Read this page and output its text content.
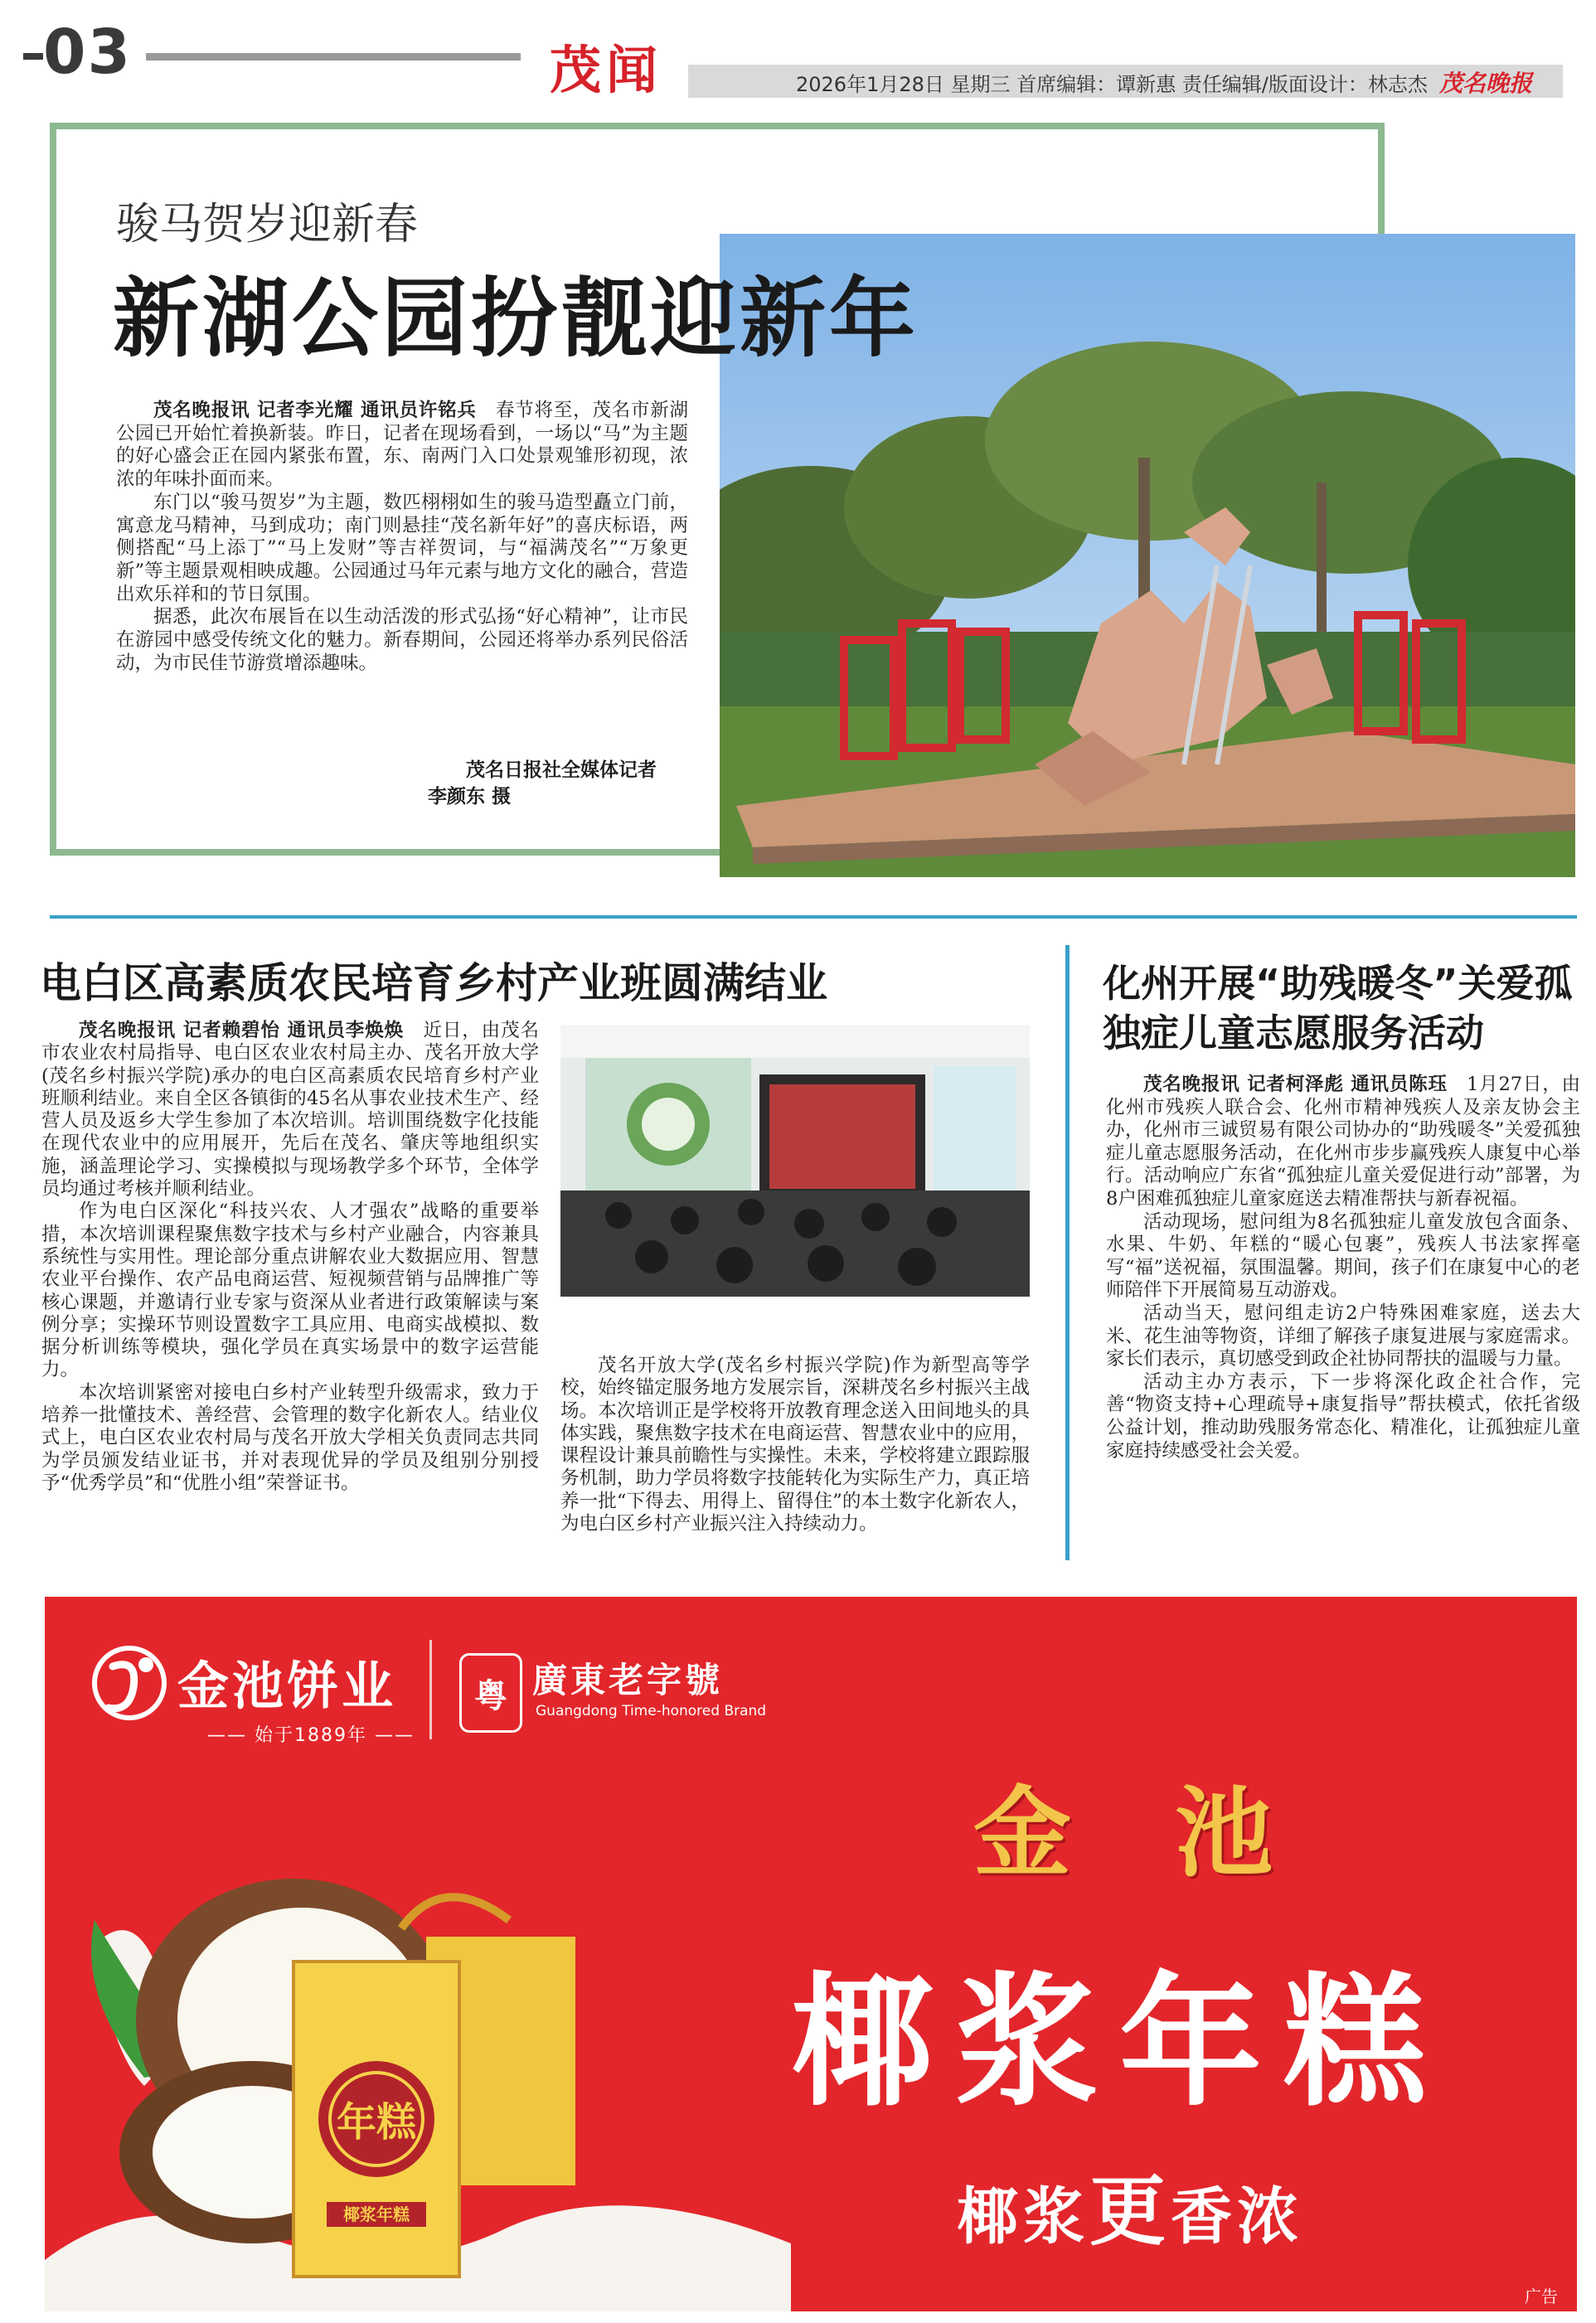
03	茂闻	2026年1月28日 星期三 首席编辑：谭新惠 责任编辑/版面设计：林志杰 茂名晚报
骏马贺岁迎新春
新湖公园扮靓迎新年

茂名晚报讯 记者李光耀 通讯员许铭兵　 春节将至，茂名市新湖公园已开始忙着换新装。昨日，记者在现场看到，一场以“马”为主题的好心盛会正在园内紧张布置，东、南两门入口处景观雏形初现，浓浓的年味扑面而来。

东门以“骏马贺岁”为主题，数匹栩栩如生的骏马造型矗立门前，寓意龙马精神，马到成功；南门则悬挂“茂名新年好”的喜庆标语，两侧搭配“马上添丁”“马上发财”等吉祥贺词，与“福满茂名”“万象更新”等主题景观相映成趣。公园通过马年元素与地方文化的融合，营造出欢乐祥和的节日氛围。

据悉，此次布展旨在以生动活泼的形式弘扬“好心精神”，让市民在游园中感受传统文化的魅力。新春期间，公园还将举办系列民俗活动，为市民佳节游赏增添趣味。

茂名日报社全媒体记者
李颜东 摄
电白区高素质农民培育乡村产业班圆满结业

茂名晚报讯 记者赖碧怡 通讯员李焕焕　 近日，由茂名市农业农村局指导、电白区农业农村局主办、茂名开放大学(茂名乡村振兴学院)承办的电白区高素质农民培育乡村产业班顺利结业。来自全区各镇街的45名从事农业技术生产、经营人员及返乡大学生参加了本次培训。培训围绕数字化技能在现代农业中的应用展开，先后在茂名、肇庆等地组织实施，涵盖理论学习、实操模拟与现场教学多个环节，全体学员均通过考核并顺利结业。

作为电白区深化“科技兴农、人才强农”战略的重要举措，本次培训课程聚焦数字技术与乡村产业融合，内容兼具系统性与实用性。理论部分重点讲解农业大数据应用、智慧农业平台操作、农产品电商运营、短视频营销与品牌推广等核心课题，并邀请行业专家与资深从业者进行政策解读与案例分享；实操环节则设置数字工具应用、电商实战模拟、数据分析训练等模块，强化学员在真实场景中的数字运营能力。

本次培训紧密对接电白乡村产业转型升级需求，致力于培养一批懂技术、善经营、会管理的数字化新农人。结业仪式上，电白区农业农村局与茂名开放大学相关负责同志共同为学员颁发结业证书，并对表现优异的学员及组别分别授予“优秀学员”和“优胜小组”荣誉证书。

茂名开放大学(茂名乡村振兴学院)作为新型高等学校，始终锚定服务地方发展宗旨，深耕茂名乡村振兴主战场。本次培训正是学校将开放教育理念送入田间地头的具体实践，聚焦数字技术在电商运营、智慧农业中的应用，课程设计兼具前瞻性与实操性。未来，学校将建立跟踪服务机制，助力学员将数字技能转化为实际生产力，真正培养一批“下得去、用得上、留得住”的本土数字化新农人，为电白区乡村产业振兴注入持续动力。

化州开展“助残暖冬”关爱孤独症儿童志愿服务活动

茂名晚报讯 记者柯泽彪 通讯员陈珏　 1月27日，由化州市残疾人联合会、化州市精神残疾人及亲友协会主办，化州市三诚贸易有限公司协办的“助残暖冬”关爱孤独症儿童志愿服务活动，在化州市步步赢残疾人康复中心举行。活动响应广东省“孤独症儿童关爱促进行动”部署，为8户困难孤独症儿童家庭送去精准帮扶与新春祝福。

活动现场，慰问组为8名孤独症儿童发放包含面条、水果、牛奶、年糕的“暖心包裹”，残疾人书法家挥毫写“福”送祝福，氛围温馨。期间，孩子们在康复中心的老师陪伴下开展简易互动游戏。

活动当天，慰问组走访2户特殊困难家庭，送去大米、花生油等物资，详细了解孩子康复进展与家庭需求。家长们表示，真切感受到政企社协同帮扶的温暖与力量。

活动主办方表示，下一步将深化政企社合作，完善“物资支持+心理疏导+康复指导”帮扶模式，依托省级公益计划，推动助残服务常态化、精准化，让孤独症儿童家庭持续感受社会关爱。

金池饼业
—— 始于1889年 ——
粤 廣東老字號
Guangdong Time-honored Brand
金 池
椰浆年糕
椰浆更香浓
年糕
椰浆年糕
广告
